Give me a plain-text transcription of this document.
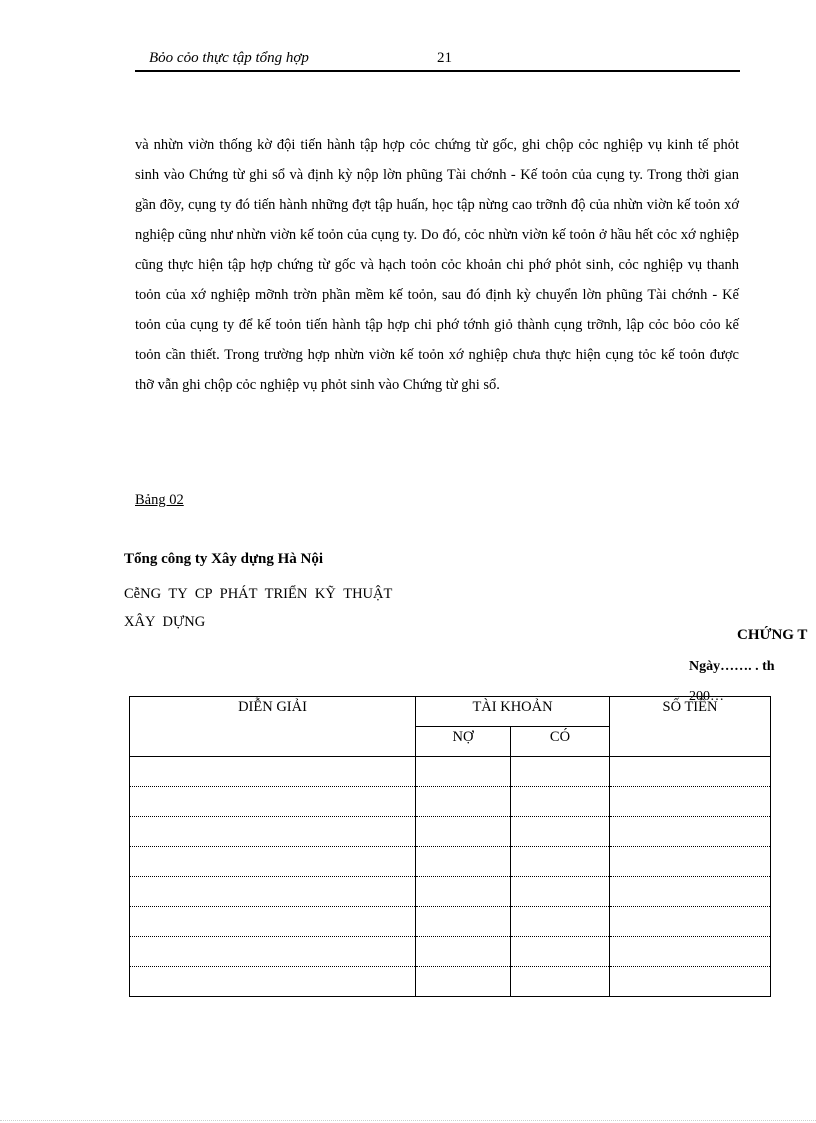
Bỏo cỏo thực tập tổng hợp	21

và nhừn viờn thống kờ đội tiến hành tập hợp cỏc chứng từ gốc, ghi chộp cỏc nghiệp vụ kinh tế phỏt sinh vào Chứng từ ghi sổ và định kỳ nộp lờn phũng Tài chớnh - Kế toỏn của cụng ty. Trong thời gian gần đõy, cụng ty đó tiến hành những đợt tập huấn, học tập nừng cao trỡnh độ của nhừn viờn kế toỏn xớ nghiệp cũng như nhừn viờn kế toỏn của cụng ty. Do đó, cỏc nhừn viờn kế toỏn ở hầu hết cỏc xớ nghiệp cũng thực hiện tập hợp chứng từ gốc và hạch toỏn cỏc khoản chi phớ phỏt sinh, cỏc nghiệp vụ thanh toỏn của xớ nghiệp mỡnh trờn phần mềm kế toỏn, sau đó định kỳ chuyển lờn phũng Tài chớnh - Kế toỏn của cụng ty để kế toỏn tiến hành tập hợp chi phớ tớnh giỏ thành cụng trỡnh, lập cỏc bỏo cỏo kế toỏn cần thiết. Trong trường hợp nhừn viờn kế toỏn xớ nghiệp chưa thực hiện cụng tỏc kế toỏn được thỡ vẫn ghi chộp cỏc nghiệp vụ phỏt sinh vào Chứng từ ghi sổ.

Bảng 02
Tổng công ty Xây dựng Hà Nội

CễNG TY CP PHÁT TRIỂN KỸ THUẬT XÂY DỰNG

CHỨNG T
Ngày……. . th
200…
DIỄN GIẢI	TÀI KHOẢN		SỐ TIỀN
	NỢ	CÓ	
